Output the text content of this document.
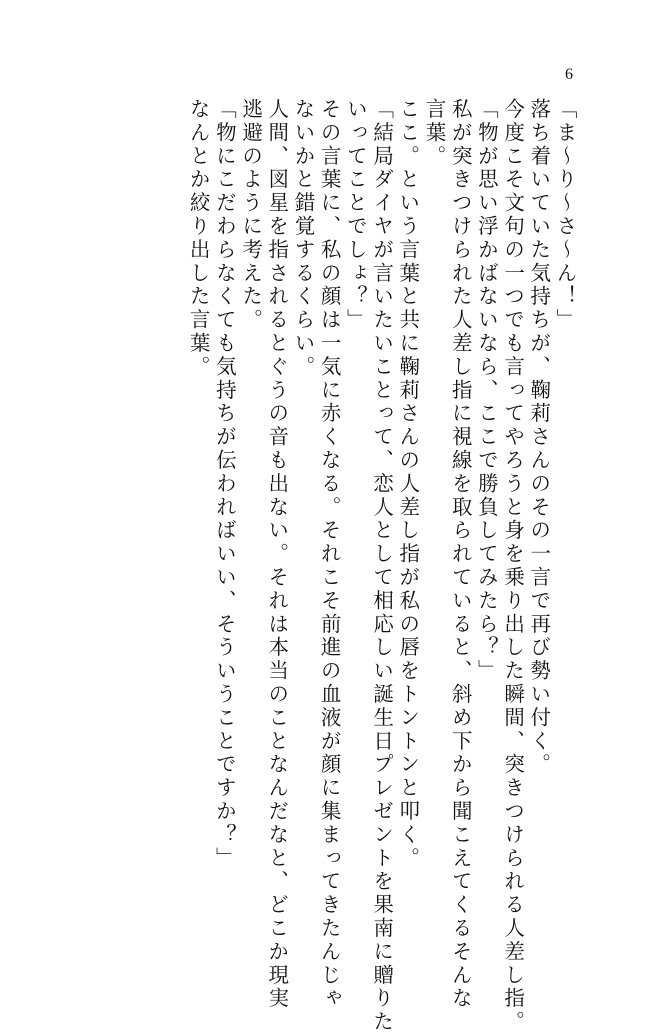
6
「ま〜り〜さ〜ん！」
落ち着いていた気持ちが、鞠莉さんのその一言で再び勢い付く。
今度こそ文句の一つでも言ってやろうと身を乗り出した瞬間、突きつけられる人差し指。
「物が思い浮かばないなら、ここで勝負してみたら？」
私が突きつけられた人差し指に視線を取られていると、斜め下から聞こえてくるそんな
言葉。
ここ。という言葉と共に鞠莉さんの人差し指が私の唇をトントンと叩く。
「結局ダイヤが言いたいことって、恋人として相応しい誕生日プレゼントを果南に贈りた
いってことでしょ？」
その言葉に、私の顔は一気に赤くなる。それこそ前進の血液が顔に集まってきたんじゃ
ないかと錯覚するくらい。
人間、図星を指されるとぐうの音も出ない。それは本当のことなんだなと、どこか現実
逃避のように考えた。
「物にこだわらなくても気持ちが伝わればいい、そういうことですか？」
なんとか絞り出した言葉。
